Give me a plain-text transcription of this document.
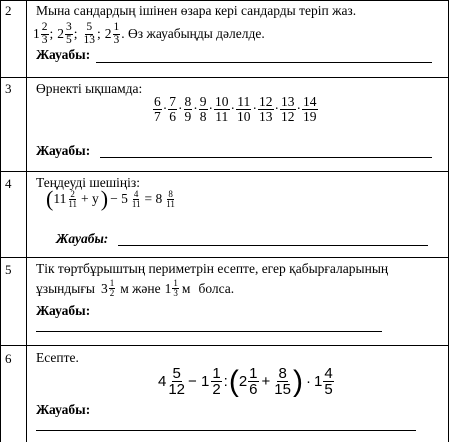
2 Мына сандардың ішінен өзара кері сандарды теріп жаз.
1 2
3 ; 2 3
5 ; 5
13 ; 2 1
3 . Өз жауабыңды дәлелде.
Жауабы:
3 Өрнекті ықшамда:
6
7 · 7
6 · 8
9 · 9
8 · 10
11 · 11
10 · 12
13 · 13
12 · 14
19
Жауабы:
4 Теңдеуді шешіңіз:
( 11 2
11 + y ) − $5 \frac{4}{11} = 8$ 8
11
Жауабы:
5 Тік төртбұрыштың периметрін есепте, егер қабырғаларының
ұзындығы 3 1
2 м және 1 1
3 м болса.
Жауабы:
6 Есепте.
4 5
12 − 1 1
2 : ( 2 1
$6 + \frac{8}{15}$ ) · 1 4
5
Жауабы:
